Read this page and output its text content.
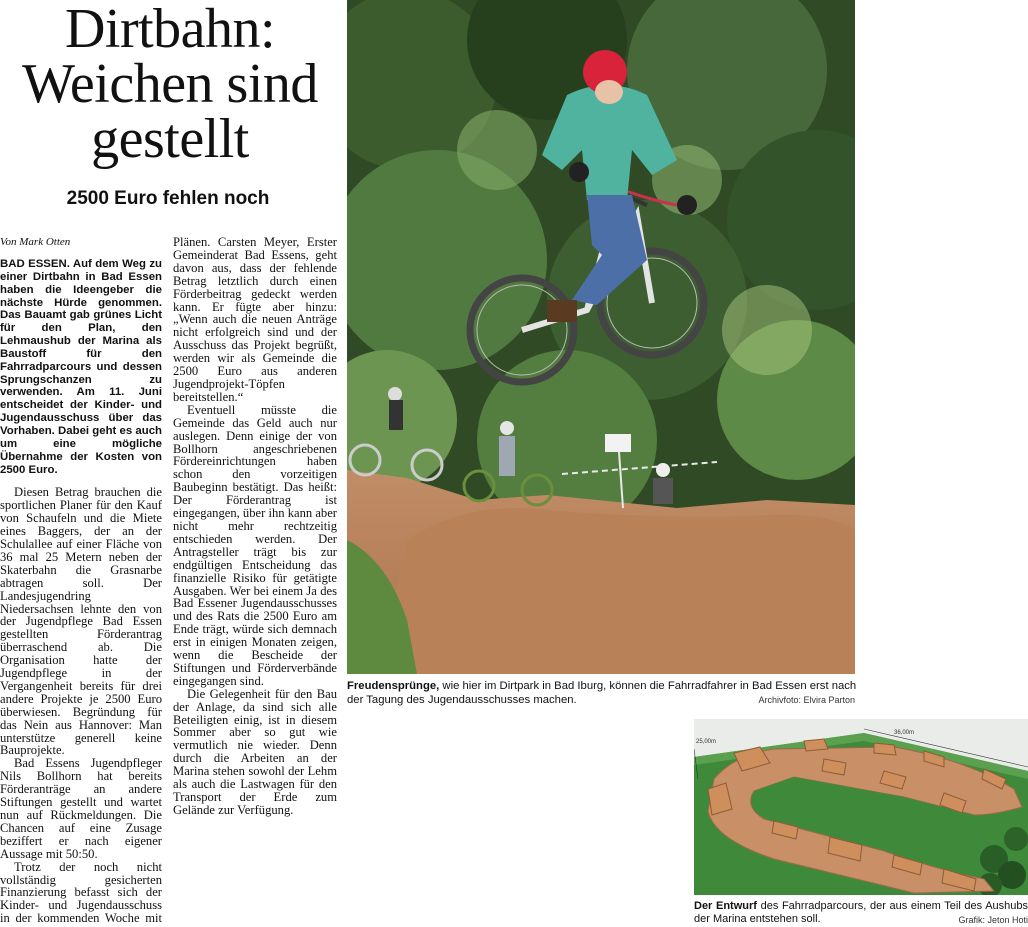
Dirtbahn: Weichen sind gestellt
2500 Euro fehlen noch
Von Mark Otten
BAD ESSEN. Auf dem Weg zu einer Dirtbahn in Bad Essen haben die Ideengeber die nächste Hürde genommen. Das Bauamt gab grünes Licht für den Plan, den Lehmaushub der Marina als Baustoff für den Fahrradparcours und dessen Sprungschanzen zu verwenden. Am 11. Juni entscheidet der Kinder- und Jugendausschuss über das Vorhaben. Dabei geht es auch um eine mögliche Übernahme der Kosten von 2500 Euro.

Diesen Betrag brauchen die sportlichen Planer für den Kauf von Schaufeln und die Miete eines Baggers, der an der Schulallee auf einer Fläche von 36 mal 25 Metern neben der Skaterbahn die Grasnarbe abtragen soll. Der Landesjugendring Niedersachsen lehnte den von der Jugendpflege Bad Essen gestellten Förderantrag überraschend ab. Die Organisation hatte der Jugendpflege in der Vergangenheit bereits für drei andere Projekte je 2500 Euro überwiesen. Begründung für das Nein aus Hannover: Man unterstütze generell keine Bauprojekte.

Bad Essens Jugendpfleger Nils Bollhorn hat bereits Förderanträge an andere Stiftungen gestellt und wartet nun auf Rückmeldungen. Die Chancen auf eine Zusage beziffert er nach eigener Aussage mit 50:50.

Trotz der noch nicht vollständig gesicherten Finanzierung befasst sich der Kinder- und Jugendausschuss in der kommenden Woche mit

Plänen. Carsten Meyer, Erster Gemeinderat Bad Essens, geht davon aus, dass der fehlende Betrag letztlich durch einen Förderbeitrag gedeckt werden kann. Er fügte aber hinzu: „Wenn auch die neuen Anträge nicht erfolgreich sind und der Ausschuss das Projekt begrüßt, werden wir als Gemeinde die 2500 Euro aus anderen Jugendprojekt-Töpfen bereitstellen.“

Eventuell müsste die Gemeinde das Geld auch nur auslegen. Denn einige der von Bollhorn angeschriebenen Fördereinrichtungen haben schon den vorzeitigen Baubeginn bestätigt. Das heißt: Der Förderantrag ist eingegangen, über ihn kann aber nicht mehr rechtzeitig entschieden werden. Der Antragsteller trägt bis zur endgültigen Entscheidung das finanzielle Risiko für getätigte Ausgaben. Wer bei einem Ja des Bad Essener Jugendausschusses und des Rats die 2500 Euro am Ende trägt, würde sich demnach erst in einigen Monaten zeigen, wenn die Bescheide der Stiftungen und Förderverbände eingegangen sind.

Die Gelegenheit für den Bau der Anlage, da sind sich alle Beteiligten einig, ist in diesem Sommer aber so gut wie vermutlich nie wieder. Denn durch die Arbeiten an der Marina stehen sowohl der Lehm als auch die Lastwagen für den Transport der Erde zum Gelände zur Verfügung.

Freudensprünge, wie hier im Dirtpark in Bad Iburg, können die Fahrradfahrer in Bad Essen erst nach der Tagung des Jugendausschusses machen.	Archivfoto: Elvira Parton
36,00m
25,00m
Der Entwurf des Fahrradparcours, der aus einem Teil des Aushubs der Marina entstehen soll.	Grafik: Jeton Hoti
